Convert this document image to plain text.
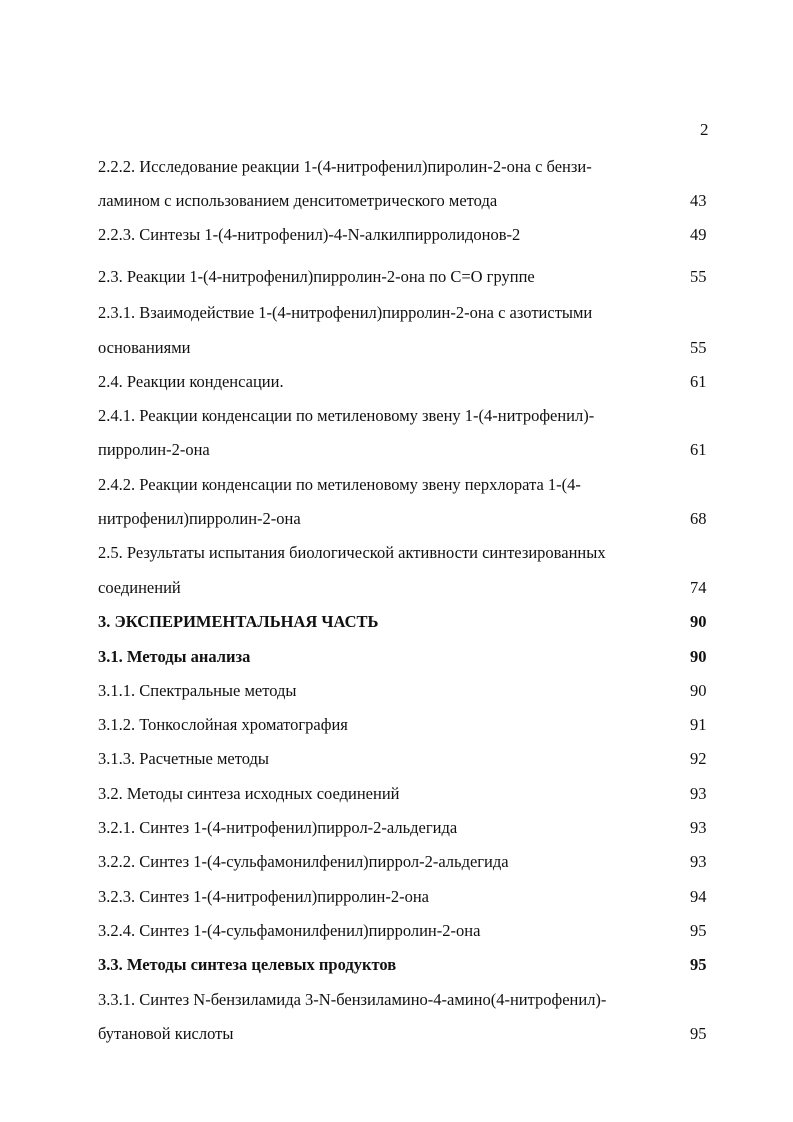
2
2.2.2. Исследование реакции 1-(4-нитрофенил)пиролин-2-она с бензи-
ламином с использованием денситометрического метода	43
2.2.3. Синтезы 1-(4-нитрофенил)-4-N-алкилпирролидонов-2	49
2.3. Реакции 1-(4-нитрофенил)пирролин-2-она по С=О группе	55
2.3.1. Взаимодействие 1-(4-нитрофенил)пирролин-2-она с азотистыми
основаниями	55
2.4. Реакции конденсации.	61
2.4.1. Реакции конденсации по метиленовому звену 1-(4-нитрофенил)-
пирролин-2-она	61
2.4.2. Реакции конденсации по метиленовому звену перхлората 1-(4-
нитрофенил)пирролин-2-она	68
2.5. Результаты испытания биологической активности синтезированных
соединений	74
3. ЭКСПЕРИМЕНТАЛЬНАЯ ЧАСТЬ	90
3.1. Методы анализа	90
3.1.1. Спектральные методы	90
3.1.2. Тонкослойная хроматография	91
3.1.3. Расчетные методы	92
3.2. Методы синтеза исходных соединений	93
3.2.1. Синтез 1-(4-нитрофенил)пиррол-2-альдегида	93
3.2.2. Синтез 1-(4-сульфамонилфенил)пиррол-2-альдегида	93
3.2.3. Синтез 1-(4-нитрофенил)пирролин-2-она	94
3.2.4. Синтез 1-(4-сульфамонилфенил)пирролин-2-она	95
3.3. Методы синтеза целевых продуктов	95
3.3.1. Синтез N-бензиламида 3-N-бензиламино-4-амино(4-нитрофенил)-
бутановой кислоты	95
